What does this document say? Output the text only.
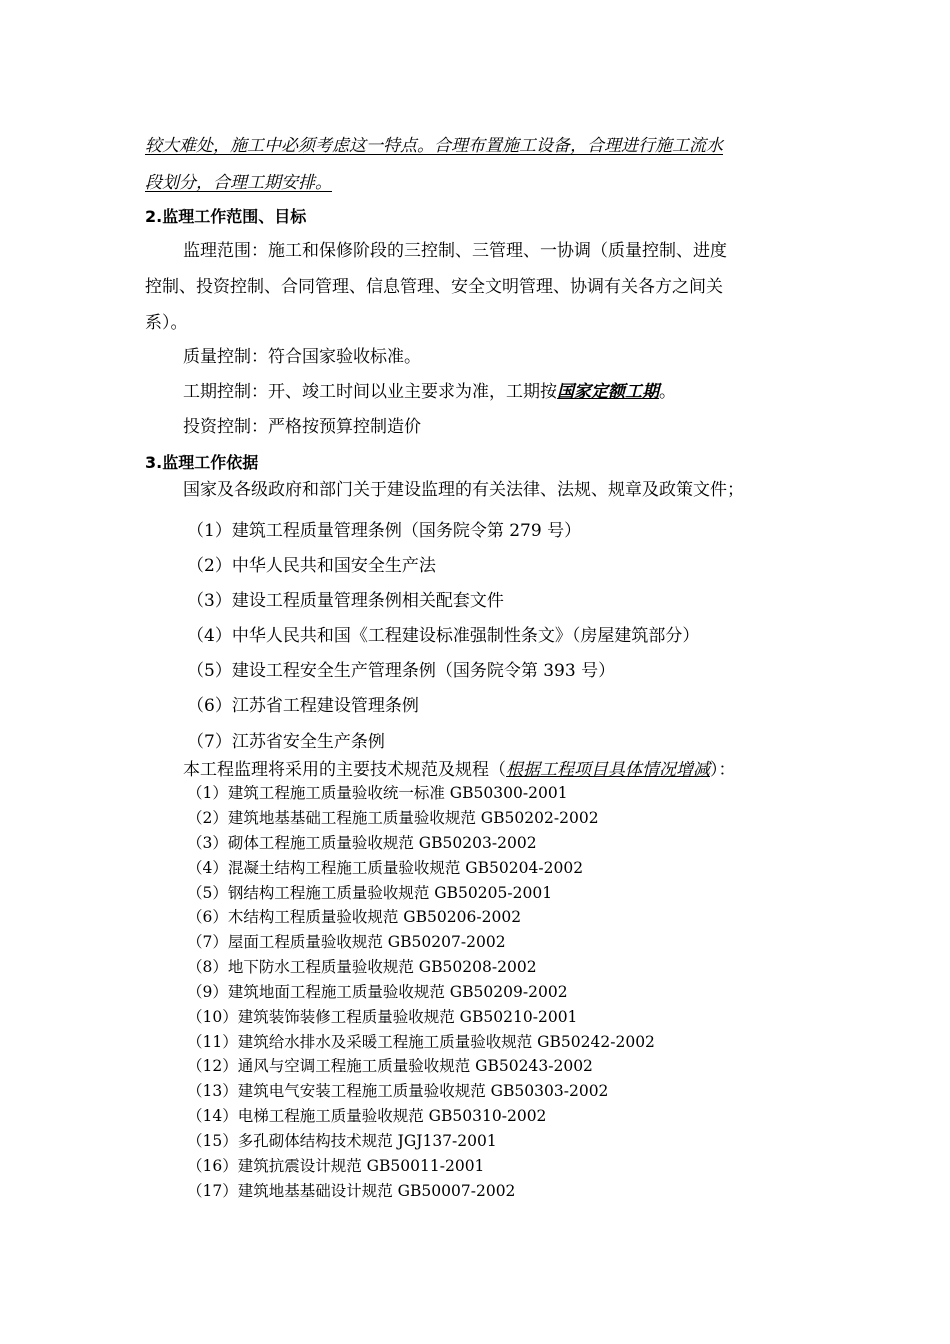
较大难处，施工中必须考虑这一特点。合理布置施工设备，合理进行施工流水
段划分，合理工期安排。
2.监理工作范围、目标
监理范围：施工和保修阶段的三控制、三管理、一协调（质量控制、进度
控制、投资控制、合同管理、信息管理、安全文明管理、协调有关各方之间关
系）。
质量控制：符合国家验收标准。
工期控制：开、竣工时间以业主要求为准，工期按国家定额工期。
投资控制：严格按预算控制造价
3.监理工作依据
国家及各级政府和部门关于建设监理的有关法律、法规、规章及政策文件；
（1）建筑工程质量管理条例（国务院令第 279 号）
（2）中华人民共和国安全生产法
（3）建设工程质量管理条例相关配套文件
（4）中华人民共和国《工程建设标准强制性条文》（房屋建筑部分）
（5）建设工程安全生产管理条例（国务院令第 393 号）
（6）江苏省工程建设管理条例
（7）江苏省安全生产条例
本工程监理将采用的主要技术规范及规程（根据工程项目具体情况增减）：
（1）建筑工程施工质量验收统一标准 GB50300-2001
（2）建筑地基基础工程施工质量验收规范 GB50202-2002
（3）砌体工程施工质量验收规范 GB50203-2002
（4）混凝土结构工程施工质量验收规范 GB50204-2002
（5）钢结构工程施工质量验收规范 GB50205-2001
（6）木结构工程质量验收规范 GB50206-2002
（7）屋面工程质量验收规范 GB50207-2002
（8）地下防水工程质量验收规范 GB50208-2002
（9）建筑地面工程施工质量验收规范 GB50209-2002
（10）建筑装饰装修工程质量验收规范 GB50210-2001
（11）建筑给水排水及采暖工程施工质量验收规范 GB50242-2002
（12）通风与空调工程施工质量验收规范 GB50243-2002
（13）建筑电气安装工程施工质量验收规范 GB50303-2002
（14）电梯工程施工质量验收规范 GB50310-2002
（15）多孔砌体结构技术规范 JGJ137-2001
（16）建筑抗震设计规范 GB50011-2001
（17）建筑地基基础设计规范 GB50007-2002
